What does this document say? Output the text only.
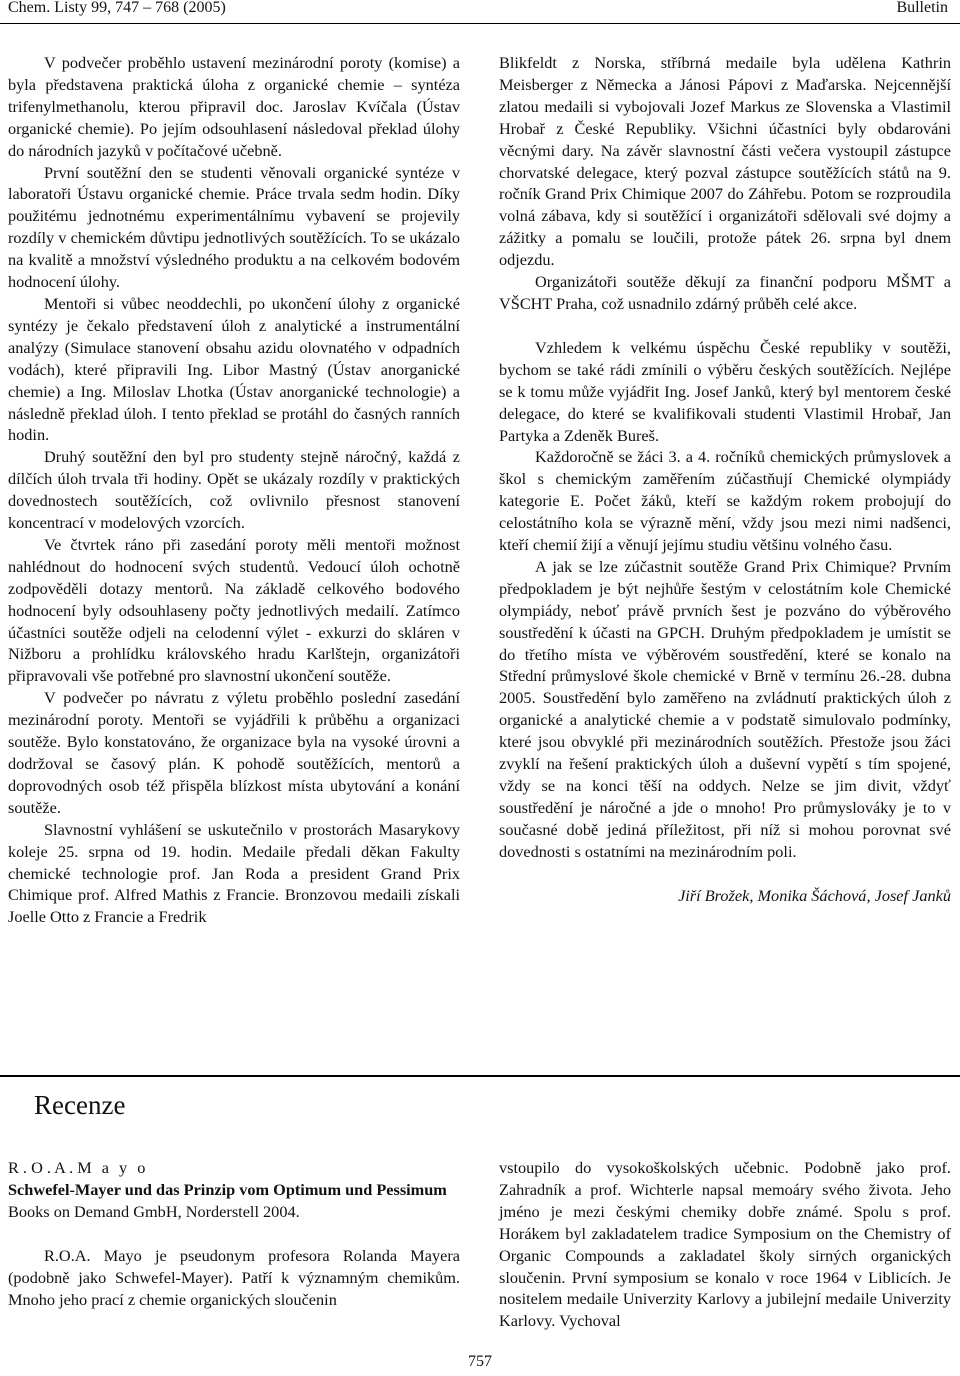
Chem. Listy 99, 747 – 768 (2005)	Bulletin

V podvečer proběhlo ustavení mezinárodní poroty (komise) a byla představena praktická úloha z organické chemie – syntéza trifenylmethanolu, kterou připravil doc. Jaroslav Kvíčala (Ústav organické chemie). Po jejím odsouhlasení následoval překlad úlohy do národních jazyků v počítačové učebně.

První soutěžní den se studenti věnovali organické syntéze v laboratoři Ústavu organické chemie. Práce trvala sedm hodin. Díky použitému jednotnému experimentálnímu vybavení se projevily rozdíly v chemickém důvtipu jednotlivých soutěžících. To se ukázalo na kvalitě a množství výsledného produktu a na celkovém bodovém hodnocení úlohy.

Mentoři si vůbec neoddechli, po ukončení úlohy z organické syntézy je čekalo představení úloh z analytické a instrumentální analýzy (Simulace stanovení obsahu azidu olovnatého v odpadních vodách), které připravili Ing. Libor Mastný (Ústav anorganické chemie) a Ing. Miloslav Lhotka (Ústav anorganické technologie) a následně překlad úloh. I tento překlad se protáhl do časných ranních hodin.

Druhý soutěžní den byl pro studenty stejně náročný, každá z dílčích úloh trvala tři hodiny. Opět se ukázaly rozdíly v praktických dovednostech soutěžících, což ovlivnilo přesnost stanovení koncentrací v modelových vzorcích.

Ve čtvrtek ráno při zasedání poroty měli mentoři možnost nahlédnout do hodnocení svých studentů. Vedoucí úloh ochotně zodpověděli dotazy mentorů. Na základě celkového bodového hodnocení byly odsouhlaseny počty jednotlivých medailí. Zatímco účastníci soutěže odjeli na celodenní výlet - exkurzi do skláren v Nižboru a prohlídku královského hradu Karlštejn, organizátoři připravovali vše potřebné pro slavnostní ukončení soutěže.

V podvečer po návratu z výletu proběhlo poslední zasedání mezinárodní poroty. Mentoři se vyjádřili k průběhu a organizaci soutěže. Bylo konstatováno, že organizace byla na vysoké úrovni a dodržoval se časový plán. K pohodě soutěžících, mentorů a doprovodných osob též přispěla blízkost místa ubytování a konání soutěže.

Slavnostní vyhlášení se uskutečnilo v prostorách Masarykovy koleje 25. srpna od 19. hodin. Medaile předali děkan Fakulty chemické technologie prof. Jan Roda a president Grand Prix Chimique prof. Alfred Mathis z Francie. Bronzovou medaili získali Joelle Otto z Francie a Fredrik

Blikfeldt z Norska, stříbrná medaile byla udělena Kathrin Meisberger z Německa a Jánosi Pápovi z Maďarska. Nejcennější zlatou medaili si vybojovali Jozef Markus ze Slovenska a Vlastimil Hrobař z České Republiky. Všichni účastníci byly obdarováni věcnými dary. Na závěr slavnostní části večera vystoupil zástupce chorvatské delegace, který pozval zástupce soutěžících států na 9. ročník Grand Prix Chimique 2007 do Záhřebu. Potom se rozproudila volná zábava, kdy si soutěžící i organizátoři sdělovali své dojmy a zážitky a pomalu se loučili, protože pátek 26. srpna byl dnem odjezdu.

Organizátoři soutěže děkují za finanční podporu MŠMT a VŠCHT Praha, což usnadnilo zdárný průběh celé akce.

Vzhledem k velkému úspěchu České republiky v soutěži, bychom se také rádi zmínili o výběru českých soutěžících. Nejlépe se k tomu může vyjádřit Ing. Josef Janků, který byl mentorem české delegace, do které se kvalifikovali studenti Vlastimil Hrobař, Jan Partyka a Zdeněk Bureš.

Každoročně se žáci 3. a 4. ročníků chemických průmyslovek a škol s chemickým zaměřením zúčastňují Chemické olympiády kategorie E. Počet žáků, kteří se každým rokem probojují do celostátního kola se výrazně mění, vždy jsou mezi nimi nadšenci, kteří chemií žijí a věnují jejímu studiu většinu volného času.

A jak se lze zúčastnit soutěže Grand Prix Chimique? Prvním předpokladem je být nejhůře šestým v celostátním kole Chemické olympiády, neboť právě prvních šest je pozváno do výběrového soustředění k účasti na GPCH. Druhým předpokladem je umístit se do třetího místa ve výběrovém soustředění, které se konalo na Střední průmyslové škole chemické v Brně v termínu 26.-28. dubna 2005. Soustředění bylo zaměřeno na zvládnutí praktických úloh z organické a analytické chemie a v podstatě simulovalo podmínky, které jsou obvyklé při mezinárodních soutěžích. Přestože jsou žáci zvyklí na řešení praktických úloh a duševní vypětí s tím spojené, vždy se na konci těší na oddych. Nelze se jim divit, vždyť soustředění je náročné a jde o mnoho! Pro průmyslováky je to v současné době jediná příležitost, při níž si mohou porovnat své dovednosti s ostatními na mezinárodním poli.

Jiří Brožek, Monika Šáchová, Josef Janků

Recenze

R . O . A . M a y o

Schwefel-Mayer und das Prinzip vom Optimum und Pessimum

Books on Demand GmbH, Norderstell 2004.

R.O.A. Mayo je pseudonym profesora Rolanda Mayera (podobně jako Schwefel-Mayer). Patří k významným chemikům. Mnoho jeho prací z chemie organických sloučenin

vstoupilo do vysokoškolských učebnic. Podobně jako prof. Zahradník a prof. Wichterle napsal memoáry svého života. Jeho jméno je mezi českými chemiky dobře známé. Spolu s prof. Horákem byl zakladatelem tradice Symposium on the Chemistry of Organic Compounds a zakladatel školy sirných organických sloučenin. První symposium se konalo v roce 1964 v Liblicích. Je nositelem medaile Univerzity Karlovy a jubilejní medaile Univerzity Karlovy. Vychoval

757
